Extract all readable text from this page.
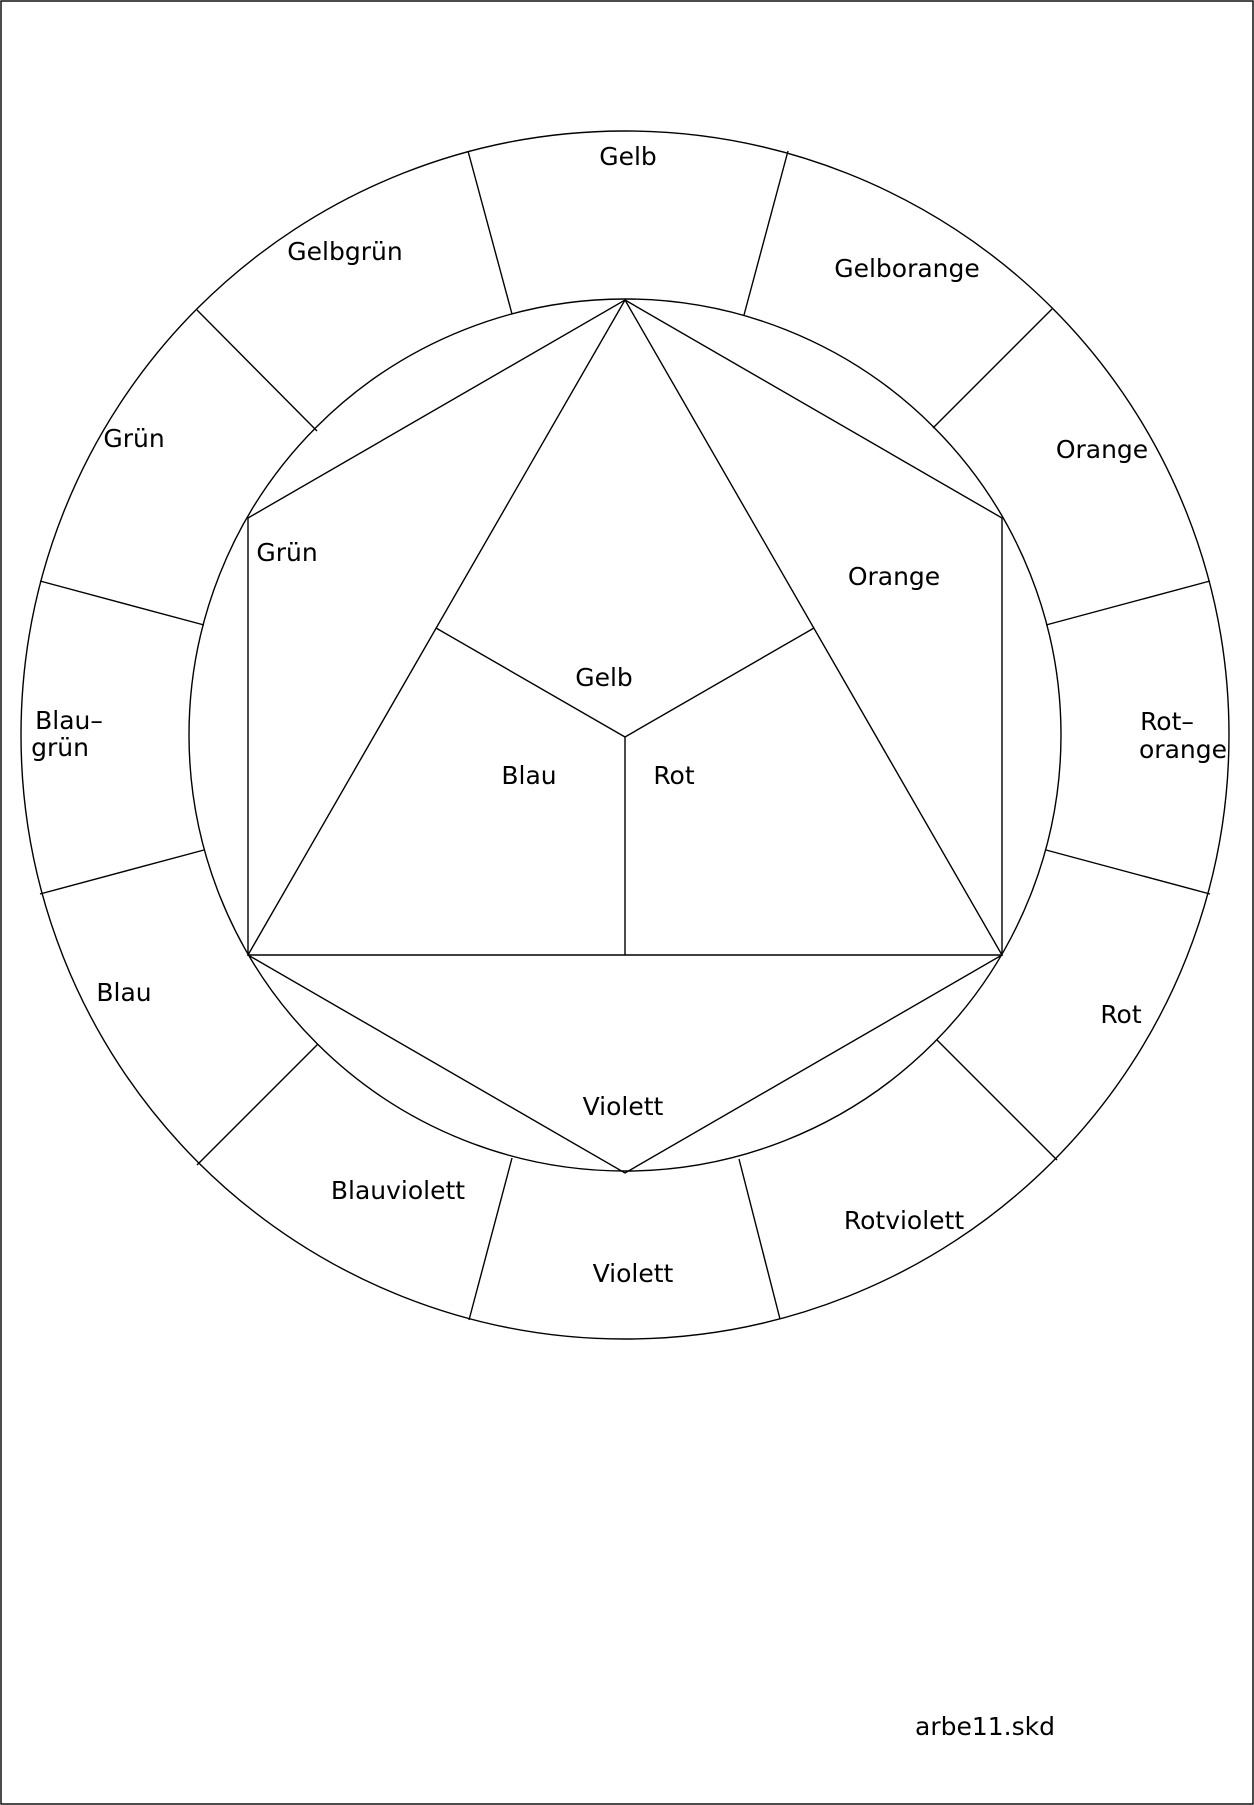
Gelb
Gelborange
Orange
Rot–
orange
Rot
Rotviolett
Violett
Blauviolett
Blau
Blau–
grün
Grün
Gelbgrün
Grün
Orange
Violett
Gelb
Blau	Rot
arbe11.skd
